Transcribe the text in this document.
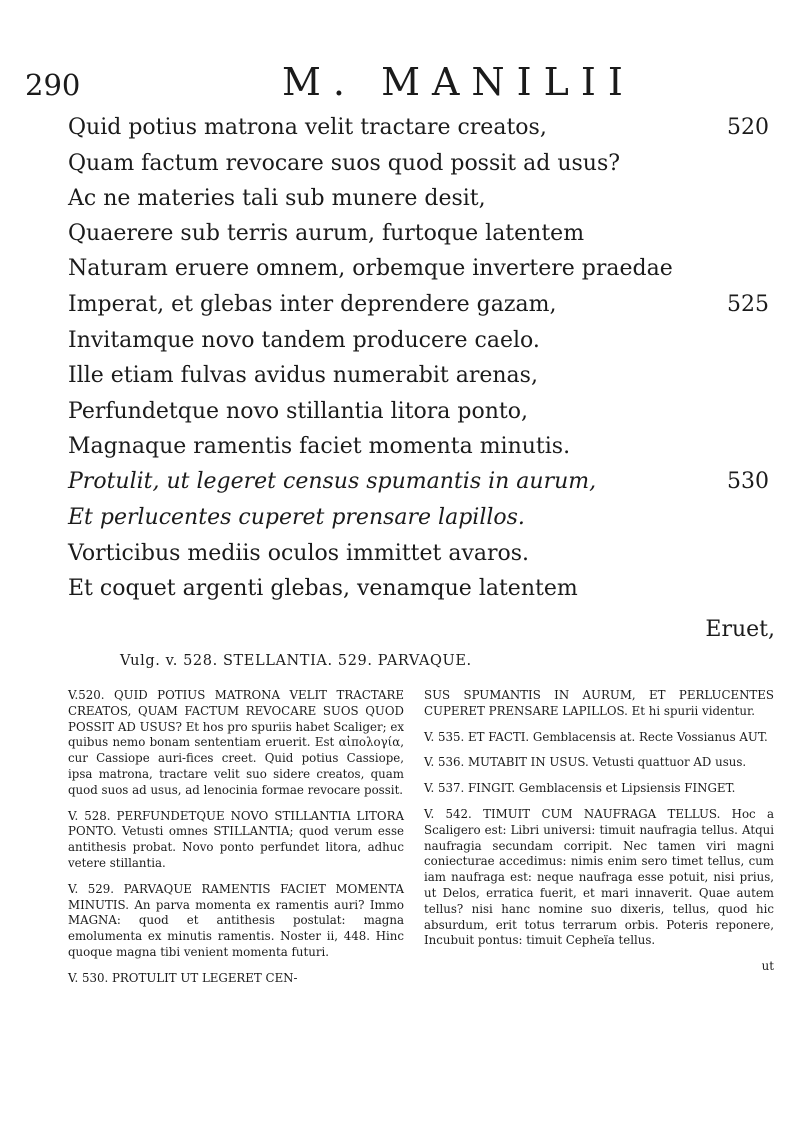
290	M. MANILII
Quid potius matrona velit tractare creatos,	520
Quam factum revocare suos quod possit ad usus?
Ac ne materies tali sub munere desit,
Quaerere sub terris aurum, furtoque latentem
Naturam eruere omnem, orbemque invertere praedae
Imperat, et glebas inter deprendere gazam,	525
Invitamque novo tandem producere caelo.
Ille etiam fulvas avidus numerabit arenas,
Perfundetque novo stillantia litora ponto,
Magnaque ramentis faciet momenta minutis.
Protulit, ut legeret census spumantis in aurum,	530
Et perlucentes cuperet prensare lapillos.
Vorticibus mediis oculos immittet avaros.
Et coquet argenti glebas, venamque latentem
Eruet,
Vulg. v. 528. STELLANTIA. 529. PARVAQUE.

V.520. QUID POTIUS MATRONA VELIT TRACTARE CREATOS, QUAM FACTUM REVOCARE SUOS QUOD POSSIT AD USUS? Et hos pro spuriis habet Scaliger; ex quibus nemo bonam sententiam eruerit. Est αἰπολογία, cur Cassiope auri-fices creet. Quid potius Cassiope, ipsa matrona, tractare velit suo sidere creatos, quam quod suos ad usus, ad lenocinia formae revocare possit.

V. 528. PERFUNDETQUE NOVO STILLANTIA LITORA PONTO. Vetusti omnes STILLANTIA; quod verum esse antithesis probat. Novo ponto perfundet litora, adhuc vetere stillantia.

V. 529. PARVAQUE RAMENTIS FACIET MOMENTA MINUTIS. An parva momenta ex ramentis auri? Immo MAGNA: quod et antithesis postulat: magna emolumenta ex minutis ramentis. Noster ii, 448. Hinc quoque magna tibi venient momenta futuri.

V. 530. PROTULIT UT LEGERET CEN-

SUS SPUMANTIS IN AURUM, ET PERLUCENTES CUPERET PRENSARE LAPILLOS. Et hi spurii videntur.

V. 535. ET FACTI. Gemblacensis at. Recte Vossianus AUT.

V. 536. MUTABIT IN USUS. Vetusti quattuor AD usus.

V. 537. FINGIT. Gemblacensis et Lipsiensis FINGET.

V. 542. TIMUIT CUM NAUFRAGA TELLUS. Hoc a Scaligero est: Libri universi: timuit naufragia tellus. Atqui naufragia secundam corripit. Nec tamen viri magni coniecturae accedimus: nimis enim sero timet tellus, cum iam naufraga est: neque naufraga esse potuit, nisi prius, ut Delos, erratica fuerit, et mari innaverit. Quae autem tellus? nisi hanc nomine suo dixeris, tellus, quod hic absurdum, erit totus terrarum orbis. Poteris reponere, Incubuit pontus: timuit Cepheïa tellus.

ut
